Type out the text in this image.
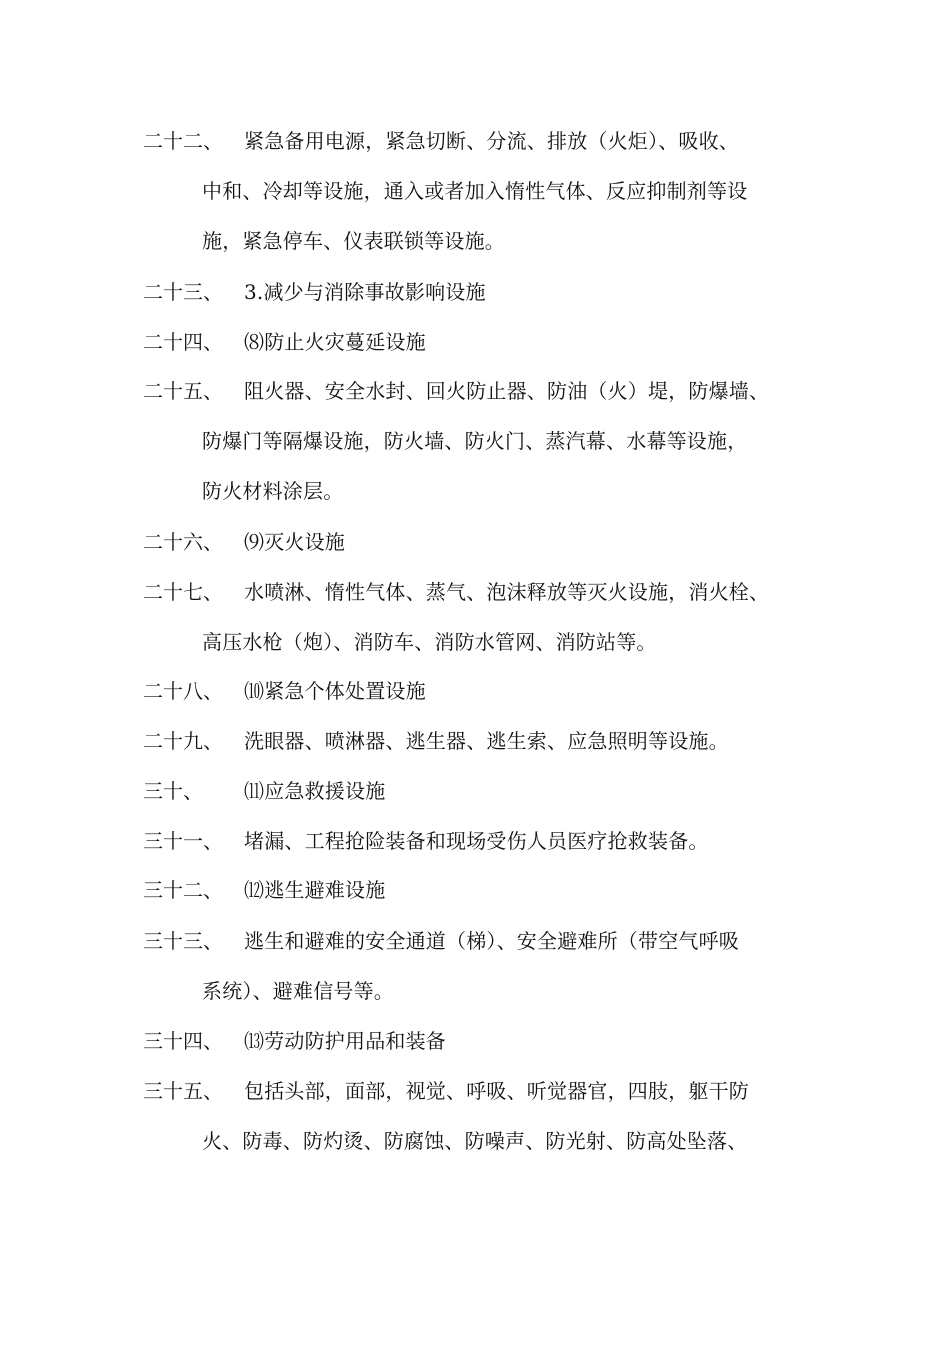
二十二、 紧急备用电源，紧急切断、分流、排放（火炬）、吸收、
中和、冷却等设施，通入或者加入惰性气体、反应抑制剂等设
施，紧急停车、仪表联锁等设施。
二十三、 3.减少与消除事故影响设施
二十四、 ⑻防止火灾蔓延设施
二十五、 阻火器、安全水封、回火防止器、防油（火）堤，防爆墙、
防爆门等隔爆设施，防火墙、防火门、蒸汽幕、水幕等设施，
防火材料涂层。
二十六、 ⑼灭火设施
二十七、 水喷淋、惰性气体、蒸气、泡沫释放等灭火设施，消火栓、
高压水枪（炮）、消防车、消防水管网、消防站等。
二十八、 ⑽紧急个体处置设施
二十九、 洗眼器、喷淋器、逃生器、逃生索、应急照明等设施。
三十、 ⑾应急救援设施
三十一、 堵漏、工程抢险装备和现场受伤人员医疗抢救装备。
三十二、 ⑿逃生避难设施
三十三、 逃生和避难的安全通道（梯）、安全避难所（带空气呼吸
系统）、避难信号等。
三十四、 ⒀劳动防护用品和装备
三十五、 包括头部，面部，视觉、呼吸、听觉器官，四肢，躯干防
火、防毒、防灼烫、防腐蚀、防噪声、防光射、防高处坠落、
